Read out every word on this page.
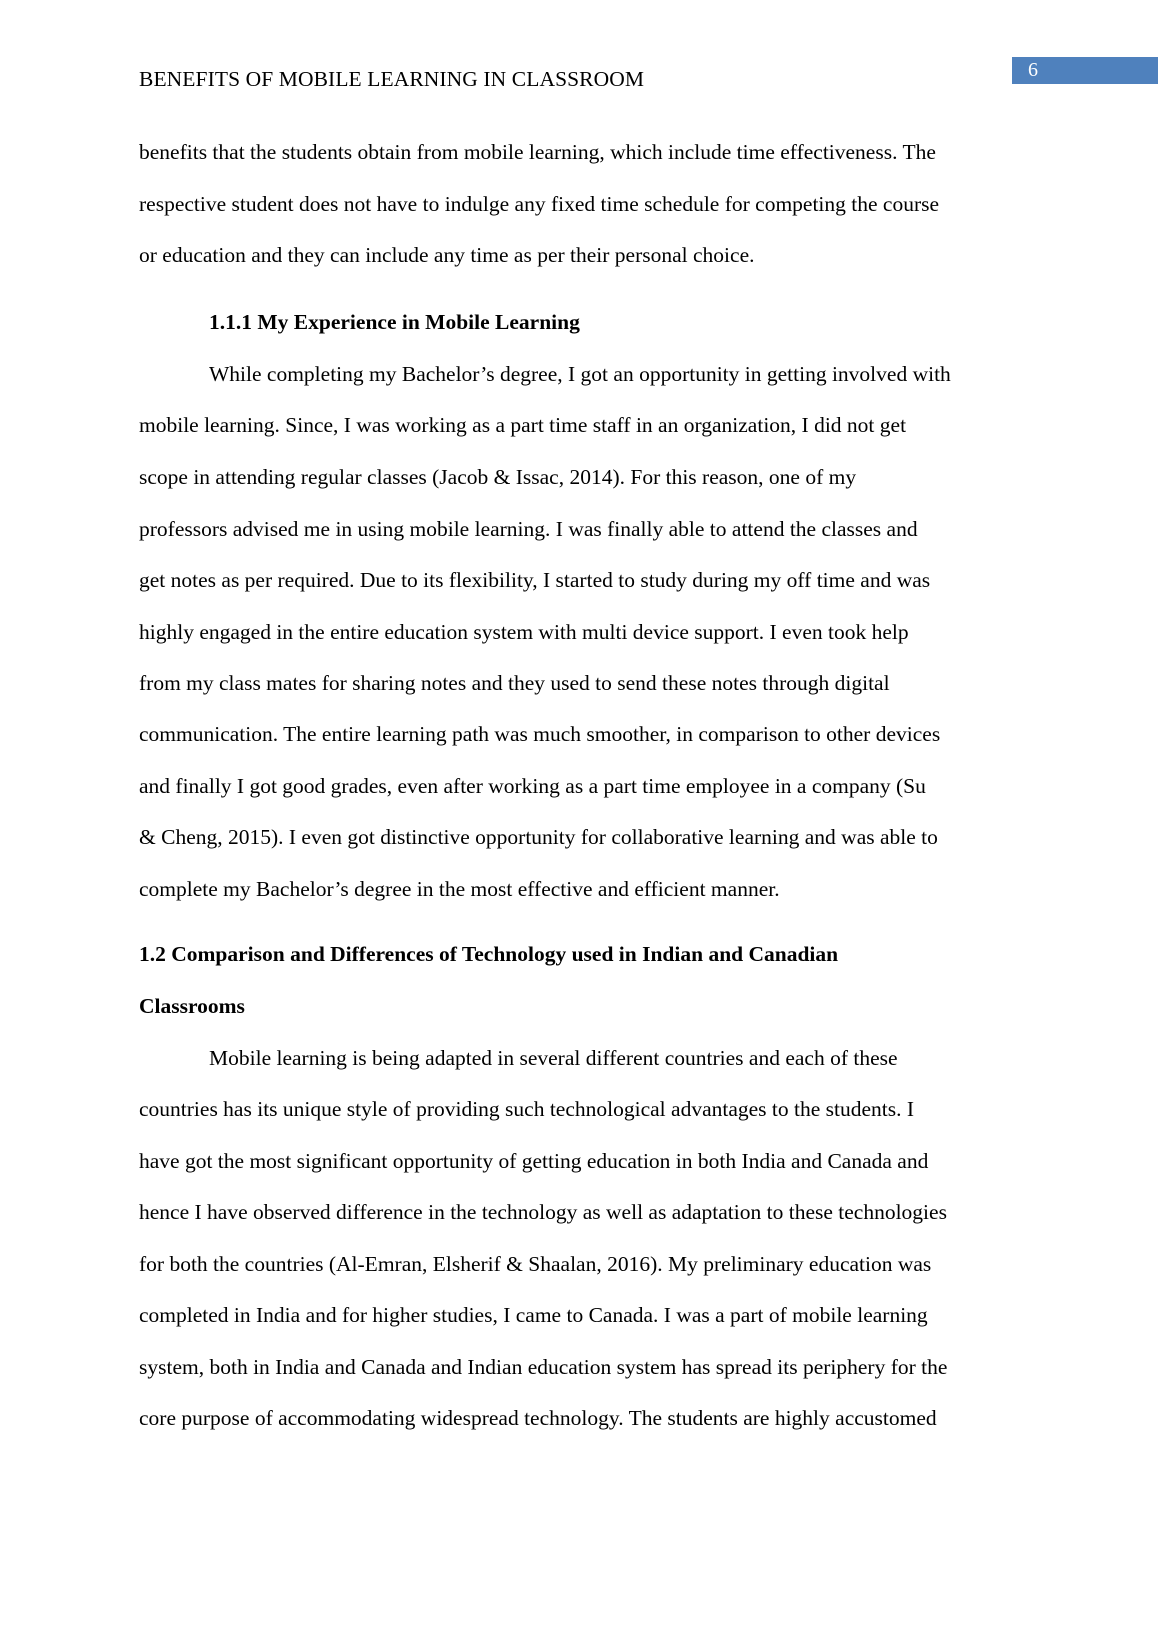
6
BENEFITS OF MOBILE LEARNING IN CLASSROOM
benefits that the students obtain from mobile learning, which include time effectiveness. The
respective student does not have to indulge any fixed time schedule for competing the course
or education and they can include any time as per their personal choice.
1.1.1 My Experience in Mobile Learning
While completing my Bachelor’s degree, I got an opportunity in getting involved with
mobile learning. Since, I was working as a part time staff in an organization, I did not get
scope in attending regular classes (Jacob & Issac, 2014). For this reason, one of my
professors advised me in using mobile learning. I was finally able to attend the classes and
get notes as per required. Due to its flexibility, I started to study during my off time and was
highly engaged in the entire education system with multi device support. I even took help
from my class mates for sharing notes and they used to send these notes through digital
communication. The entire learning path was much smoother, in comparison to other devices
and finally I got good grades, even after working as a part time employee in a company (Su
& Cheng, 2015). I even got distinctive opportunity for collaborative learning and was able to
complete my Bachelor’s degree in the most effective and efficient manner.
1.2 Comparison and Differences of Technology used in Indian and Canadian
Classrooms
Mobile learning is being adapted in several different countries and each of these
countries has its unique style of providing such technological advantages to the students. I
have got the most significant opportunity of getting education in both India and Canada and
hence I have observed difference in the technology as well as adaptation to these technologies
for both the countries (Al-Emran, Elsherif & Shaalan, 2016). My preliminary education was
completed in India and for higher studies, I came to Canada. I was a part of mobile learning
system, both in India and Canada and Indian education system has spread its periphery for the
core purpose of accommodating widespread technology. The students are highly accustomed
